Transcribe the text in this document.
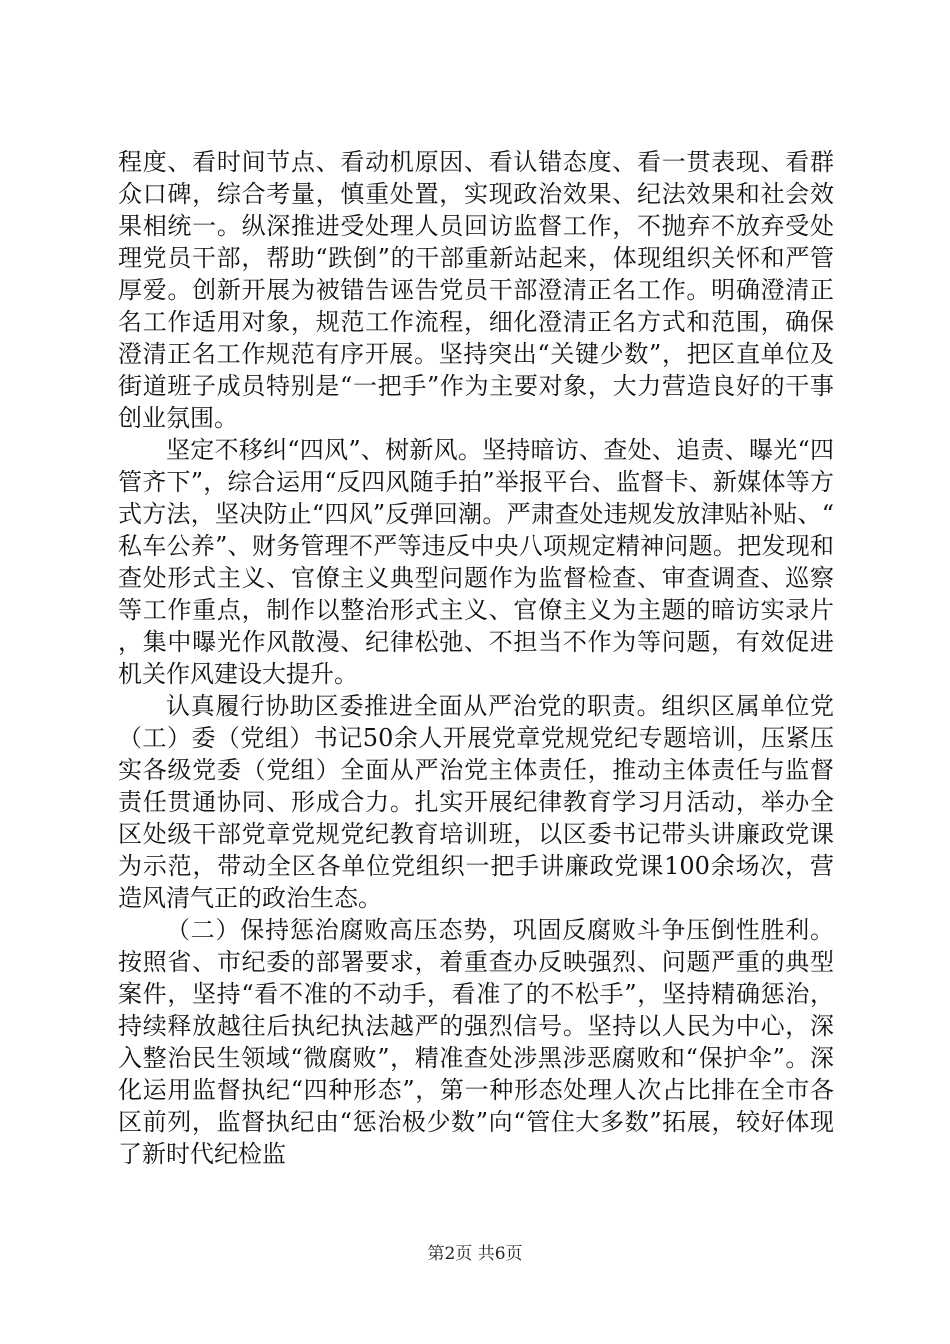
程度、看时间节点、看动机原因、看认错态度、看一贯表现、看群众口碑，综合考量，慎重处置，实现政治效果、纪法效果和社会效果相统一。纵深推进受处理人员回访监督工作，不抛弃不放弃受处理党员干部，帮助“跌倒”的干部重新站起来，体现组织关怀和严管厚爱。创新开展为被错告诬告党员干部澄清正名工作。明确澄清正名工作适用对象，规范工作流程，细化澄清正名方式和范围，确保澄清正名工作规范有序开展。坚持突出“关键少数”，把区直单位及街道班子成员特别是“一把手”作为主要对象，大力营造良好的干事创业氛围。

坚定不移纠“四风”、树新风。坚持暗访、查处、追责、曝光“四管齐下”，综合运用“反四风随手拍”举报平台、监督卡、新媒体等方式方法，坚决防止“四风”反弹回潮。严肃查处违规发放津贴补贴、“私车公养”、财务管理不严等违反中央八项规定精神问题。把发现和查处形式主义、官僚主义典型问题作为监督检查、审查调查、巡察等工作重点，制作以整治形式主义、官僚主义为主题的暗访实录片，集中曝光作风散漫、纪律松弛、不担当不作为等问题，有效促进机关作风建设大提升。

认真履行协助区委推进全面从严治党的职责。组织区属单位党（工）委（党组）书记50余人开展党章党规党纪专题培训，压紧压实各级党委（党组）全面从严治党主体责任，推动主体责任与监督责任贯通协同、形成合力。扎实开展纪律教育学习月活动，举办全区处级干部党章党规党纪教育培训班，以区委书记带头讲廉政党课为示范，带动全区各单位党组织一把手讲廉政党课100余场次，营造风清气正的政治生态。

（二）保持惩治腐败高压态势，巩固反腐败斗争压倒性胜利。按照省、市纪委的部署要求，着重查办反映强烈、问题严重的典型案件，坚持“看不准的不动手，看准了的不松手”，坚持精确惩治，持续释放越往后执纪执法越严的强烈信号。坚持以人民为中心，深入整治民生领域“微腐败”，精准查处涉黑涉恶腐败和“保护伞”。深化运用监督执纪“四种形态”，第一种形态处理人次占比排在全市各区前列，监督执纪由“惩治极少数”向“管住大多数”拓展，较好体现了新时代纪检监

第2页 共6页
